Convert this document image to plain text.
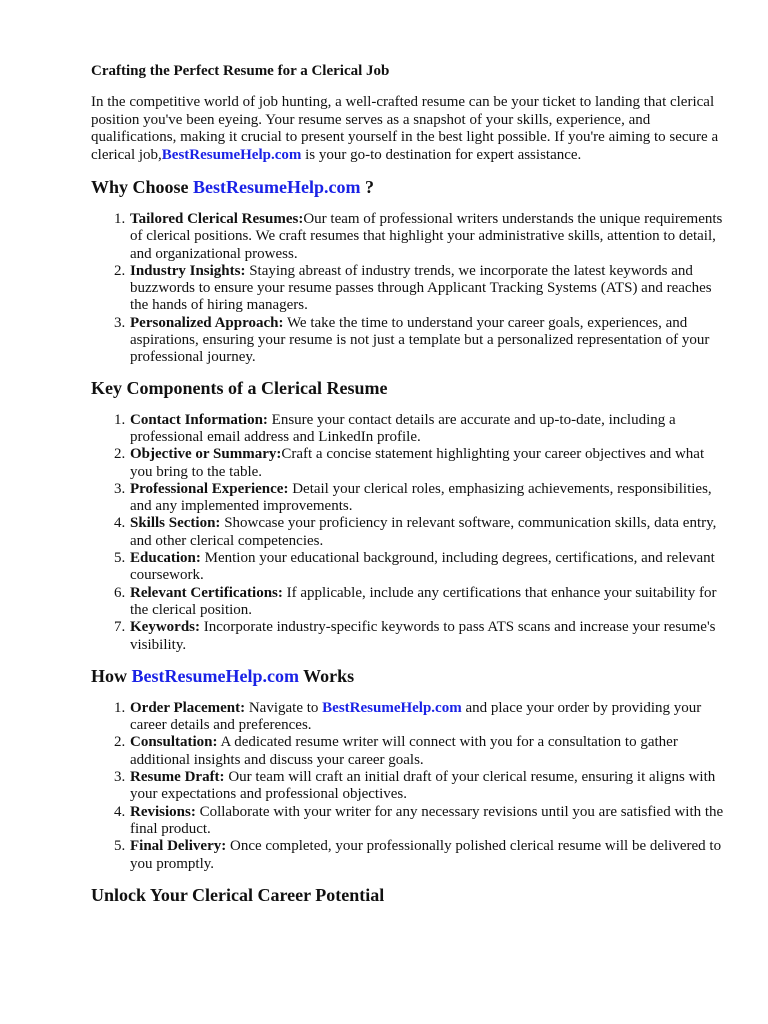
Crafting the Perfect Resume for a Clerical Job

In the competitive world of job hunting, a well-crafted resume can be your ticket to landing that clerical position you've been eyeing. Your resume serves as a snapshot of your skills, experience, and qualifications, making it crucial to present yourself in the best light possible. If you're aiming to secure a clerical job,BestResumeHelp.com is your go-to destination for expert assistance.

Why Choose BestResumeHelp.com ?
1. Tailored Clerical Resumes:Our team of professional writers understands the unique requirements of clerical positions. We craft resumes that highlight your administrative skills, attention to detail, and organizational prowess.
2. Industry Insights: Staying abreast of industry trends, we incorporate the latest keywords and buzzwords to ensure your resume passes through Applicant Tracking Systems (ATS) and reaches the hands of hiring managers.
3. Personalized Approach: We take the time to understand your career goals, experiences, and aspirations, ensuring your resume is not just a template but a personalized representation of your professional journey.
Key Components of a Clerical Resume
1. Contact Information: Ensure your contact details are accurate and up-to-date, including a professional email address and LinkedIn profile.
2. Objective or Summary:Craft a concise statement highlighting your career objectives and what you bring to the table.
3. Professional Experience: Detail your clerical roles, emphasizing achievements, responsibilities, and any implemented improvements.
4. Skills Section: Showcase your proficiency in relevant software, communication skills, data entry, and other clerical competencies.
5. Education: Mention your educational background, including degrees, certifications, and relevant coursework.
6. Relevant Certifications: If applicable, include any certifications that enhance your suitability for the clerical position.
7. Keywords: Incorporate industry-specific keywords to pass ATS scans and increase your resume's visibility.
How BestResumeHelp.com Works
1. Order Placement: Navigate to BestResumeHelp.com and place your order by providing your career details and preferences.
2. Consultation: A dedicated resume writer will connect with you for a consultation to gather additional insights and discuss your career goals.
3. Resume Draft: Our team will craft an initial draft of your clerical resume, ensuring it aligns with your expectations and professional objectives.
4. Revisions: Collaborate with your writer for any necessary revisions until you are satisfied with the final product.
5. Final Delivery: Once completed, your professionally polished clerical resume will be delivered to you promptly.
Unlock Your Clerical Career Potential
